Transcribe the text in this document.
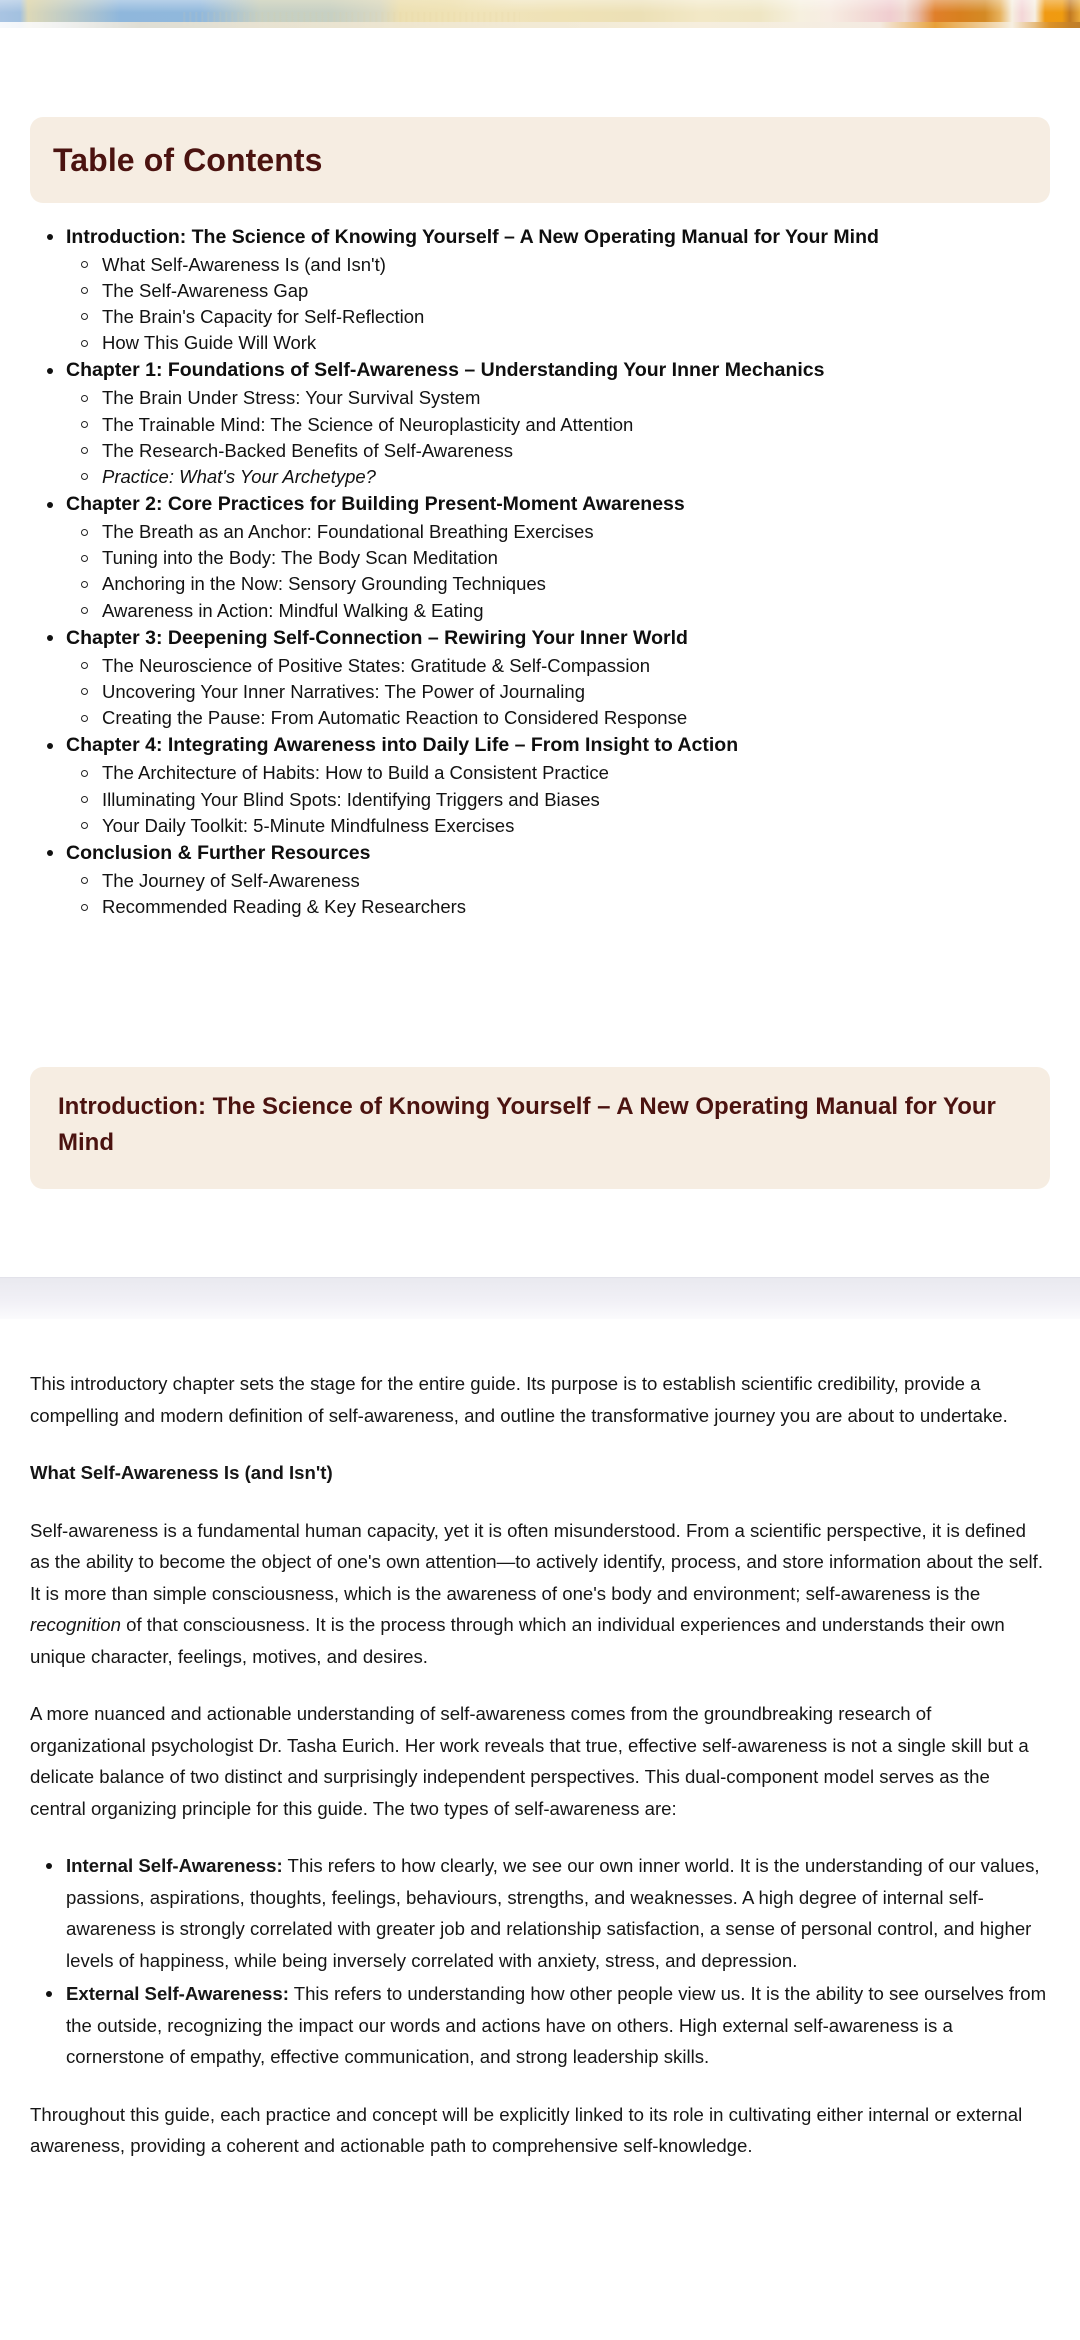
Table of Contents
Introduction: The Science of Knowing Yourself – A New Operating Manual for Your Mind
What Self-Awareness Is (and Isn't)
The Self-Awareness Gap
The Brain's Capacity for Self-Reflection
How This Guide Will Work
Chapter 1: Foundations of Self-Awareness – Understanding Your Inner Mechanics
The Brain Under Stress: Your Survival System
The Trainable Mind: The Science of Neuroplasticity and Attention
The Research-Backed Benefits of Self-Awareness
Practice: What's Your Archetype?
Chapter 2: Core Practices for Building Present-Moment Awareness
The Breath as an Anchor: Foundational Breathing Exercises
Tuning into the Body: The Body Scan Meditation
Anchoring in the Now: Sensory Grounding Techniques
Awareness in Action: Mindful Walking & Eating
Chapter 3: Deepening Self-Connection – Rewiring Your Inner World
The Neuroscience of Positive States: Gratitude & Self-Compassion
Uncovering Your Inner Narratives: The Power of Journaling
Creating the Pause: From Automatic Reaction to Considered Response
Chapter 4: Integrating Awareness into Daily Life – From Insight to Action
The Architecture of Habits: How to Build a Consistent Practice
Illuminating Your Blind Spots: Identifying Triggers and Biases
Your Daily Toolkit: 5-Minute Mindfulness Exercises
Conclusion & Further Resources
The Journey of Self-Awareness
Recommended Reading & Key Researchers
Introduction: The Science of Knowing Yourself – A New Operating Manual for Your Mind

This introductory chapter sets the stage for the entire guide. Its purpose is to establish scientific credibility, provide a compelling and modern definition of self-awareness, and outline the transformative journey you are about to undertake.

What Self-Awareness Is (and Isn't)

Self-awareness is a fundamental human capacity, yet it is often misunderstood. From a scientific perspective, it is defined as the ability to become the object of one's own attention—to actively identify, process, and store information about the self. It is more than simple consciousness, which is the awareness of one's body and environment; self-awareness is the recognition of that consciousness. It is the process through which an individual experiences and understands their own unique character, feelings, motives, and desires.

A more nuanced and actionable understanding of self-awareness comes from the groundbreaking research of organizational psychologist Dr. Tasha Eurich. Her work reveals that true, effective self-awareness is not a single skill but a delicate balance of two distinct and surprisingly independent perspectives. This dual-component model serves as the central organizing principle for this guide. The two types of self-awareness are:

Internal Self-Awareness: This refers to how clearly, we see our own inner world. It is the understanding of our values, passions, aspirations, thoughts, feelings, behaviours, strengths, and weaknesses. A high degree of internal self-awareness is strongly correlated with greater job and relationship satisfaction, a sense of personal control, and higher levels of happiness, while being inversely correlated with anxiety, stress, and depression.
External Self-Awareness: This refers to understanding how other people view us. It is the ability to see ourselves from the outside, recognizing the impact our words and actions have on others. High external self-awareness is a cornerstone of empathy, effective communication, and strong leadership skills.

Throughout this guide, each practice and concept will be explicitly linked to its role in cultivating either internal or external awareness, providing a coherent and actionable path to comprehensive self-knowledge.
